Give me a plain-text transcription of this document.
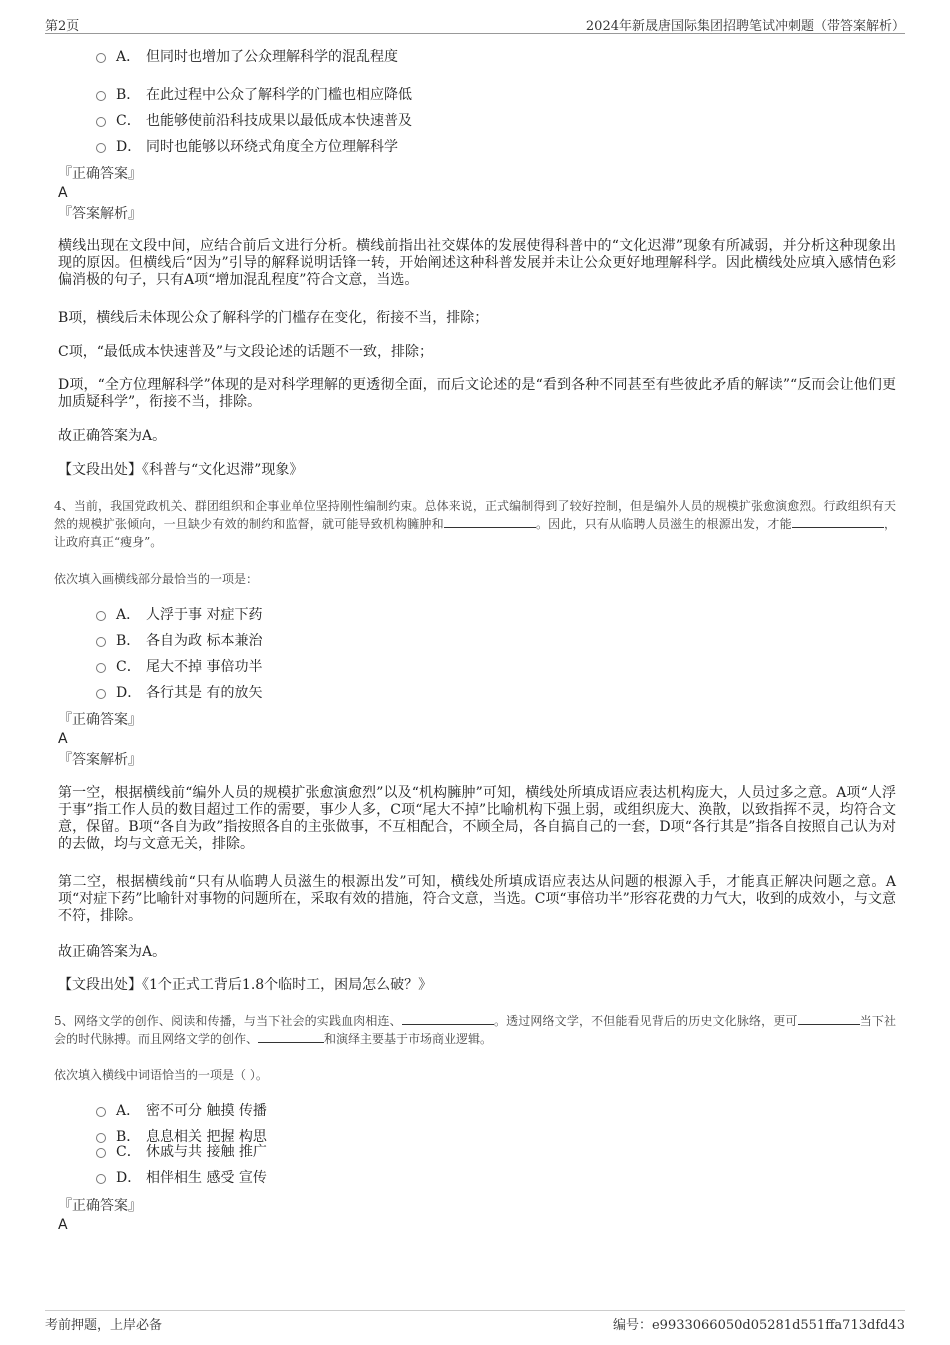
第2页	2024年新晟唐国际集团招聘笔试冲刺题（带答案解析）
A． 但同时也增加了公众理解科学的混乱程度
B． 在此过程中公众了解科学的门槛也相应降低
C． 也能够使前沿科技成果以最低成本快速普及
D． 同时也能够以环绕式角度全方位理解科学
『正确答案』
A
『答案解析』
横线出现在文段中间，应结合前后文进行分析。横线前指出社交媒体的发展使得科普中的“文化迟滞”现象有所减弱，并分析这种现象出现的原因。但横线后“因为”引导的解释说明话锋一转，开始阐述这种科普发展并未让公众更好地理解科学。因此横线处应填入感情色彩偏消极的句子，只有A项“增加混乱程度”符合文意，当选。
B项，横线后未体现公众了解科学的门槛存在变化，衔接不当，排除；
C项，“最低成本快速普及”与文段论述的话题不一致，排除；
D项，“全方位理解科学”体现的是对科学理解的更透彻全面，而后文论述的是“看到各种不同甚至有些彼此矛盾的解读”“反而会让他们更加质疑科学”，衔接不当，排除。
故正确答案为A。
【文段出处】《科普与“文化迟滞”现象》
4、当前，我国党政机关、群团组织和企事业单位坚持刚性编制约束。总体来说，正式编制得到了较好控制，但是编外人员的规模扩张愈演愈烈。行政组织有天然的规模扩张倾向，一旦缺少有效的制约和监督，就可能导致机构臃肿和	。因此，只有从临聘人员滋生的根源出发，才能	，让政府真正“瘦身”。
依次填入画横线部分最恰当的一项是：
A． 人浮于事 对症下药
B． 各自为政 标本兼治
C． 尾大不掉 事倍功半
D． 各行其是 有的放矢
『正确答案』
A
『答案解析』
第一空，根据横线前“编外人员的规模扩张愈演愈烈”以及“机构臃肿”可知，横线处所填成语应表达机构庞大，人员过多之意。A项“人浮于事”指工作人员的数目超过工作的需要，事少人多，C项“尾大不掉”比喻机构下强上弱，或组织庞大、涣散，以致指挥不灵，均符合文意，保留。B项“各自为政”指按照各自的主张做事，不互相配合，不顾全局，各自搞自己的一套，D项“各行其是”指各自按照自己认为对的去做，均与文意无关，排除。
第二空，根据横线前“只有从临聘人员滋生的根源出发”可知，横线处所填成语应表达从问题的根源入手，才能真正解决问题之意。A项“对症下药”比喻针对事物的问题所在，采取有效的措施，符合文意，当选。C项“事倍功半”形容花费的力气大，收到的成效小，与文意不符，排除。
故正确答案为A。
【文段出处】《1个正式工背后1.8个临时工，困局怎么破？》
5、网络文学的创作、阅读和传播，与当下社会的实践血肉相连、	。透过网络文学，不但能看见背后的历史文化脉络，更可	当下社会的时代脉搏。而且网络文学的创作、	和演绎主要基于市场商业逻辑。
依次填入横线中词语恰当的一项是（ ）。
A． 密不可分 触摸 传播
B． 息息相关 把握 构思
C． 休戚与共 接触 推广
D． 相伴相生 感受 宣传
『正确答案』
A
考前押题，上岸必备	编号：e9933066050d05281d551ffa713dfd43
